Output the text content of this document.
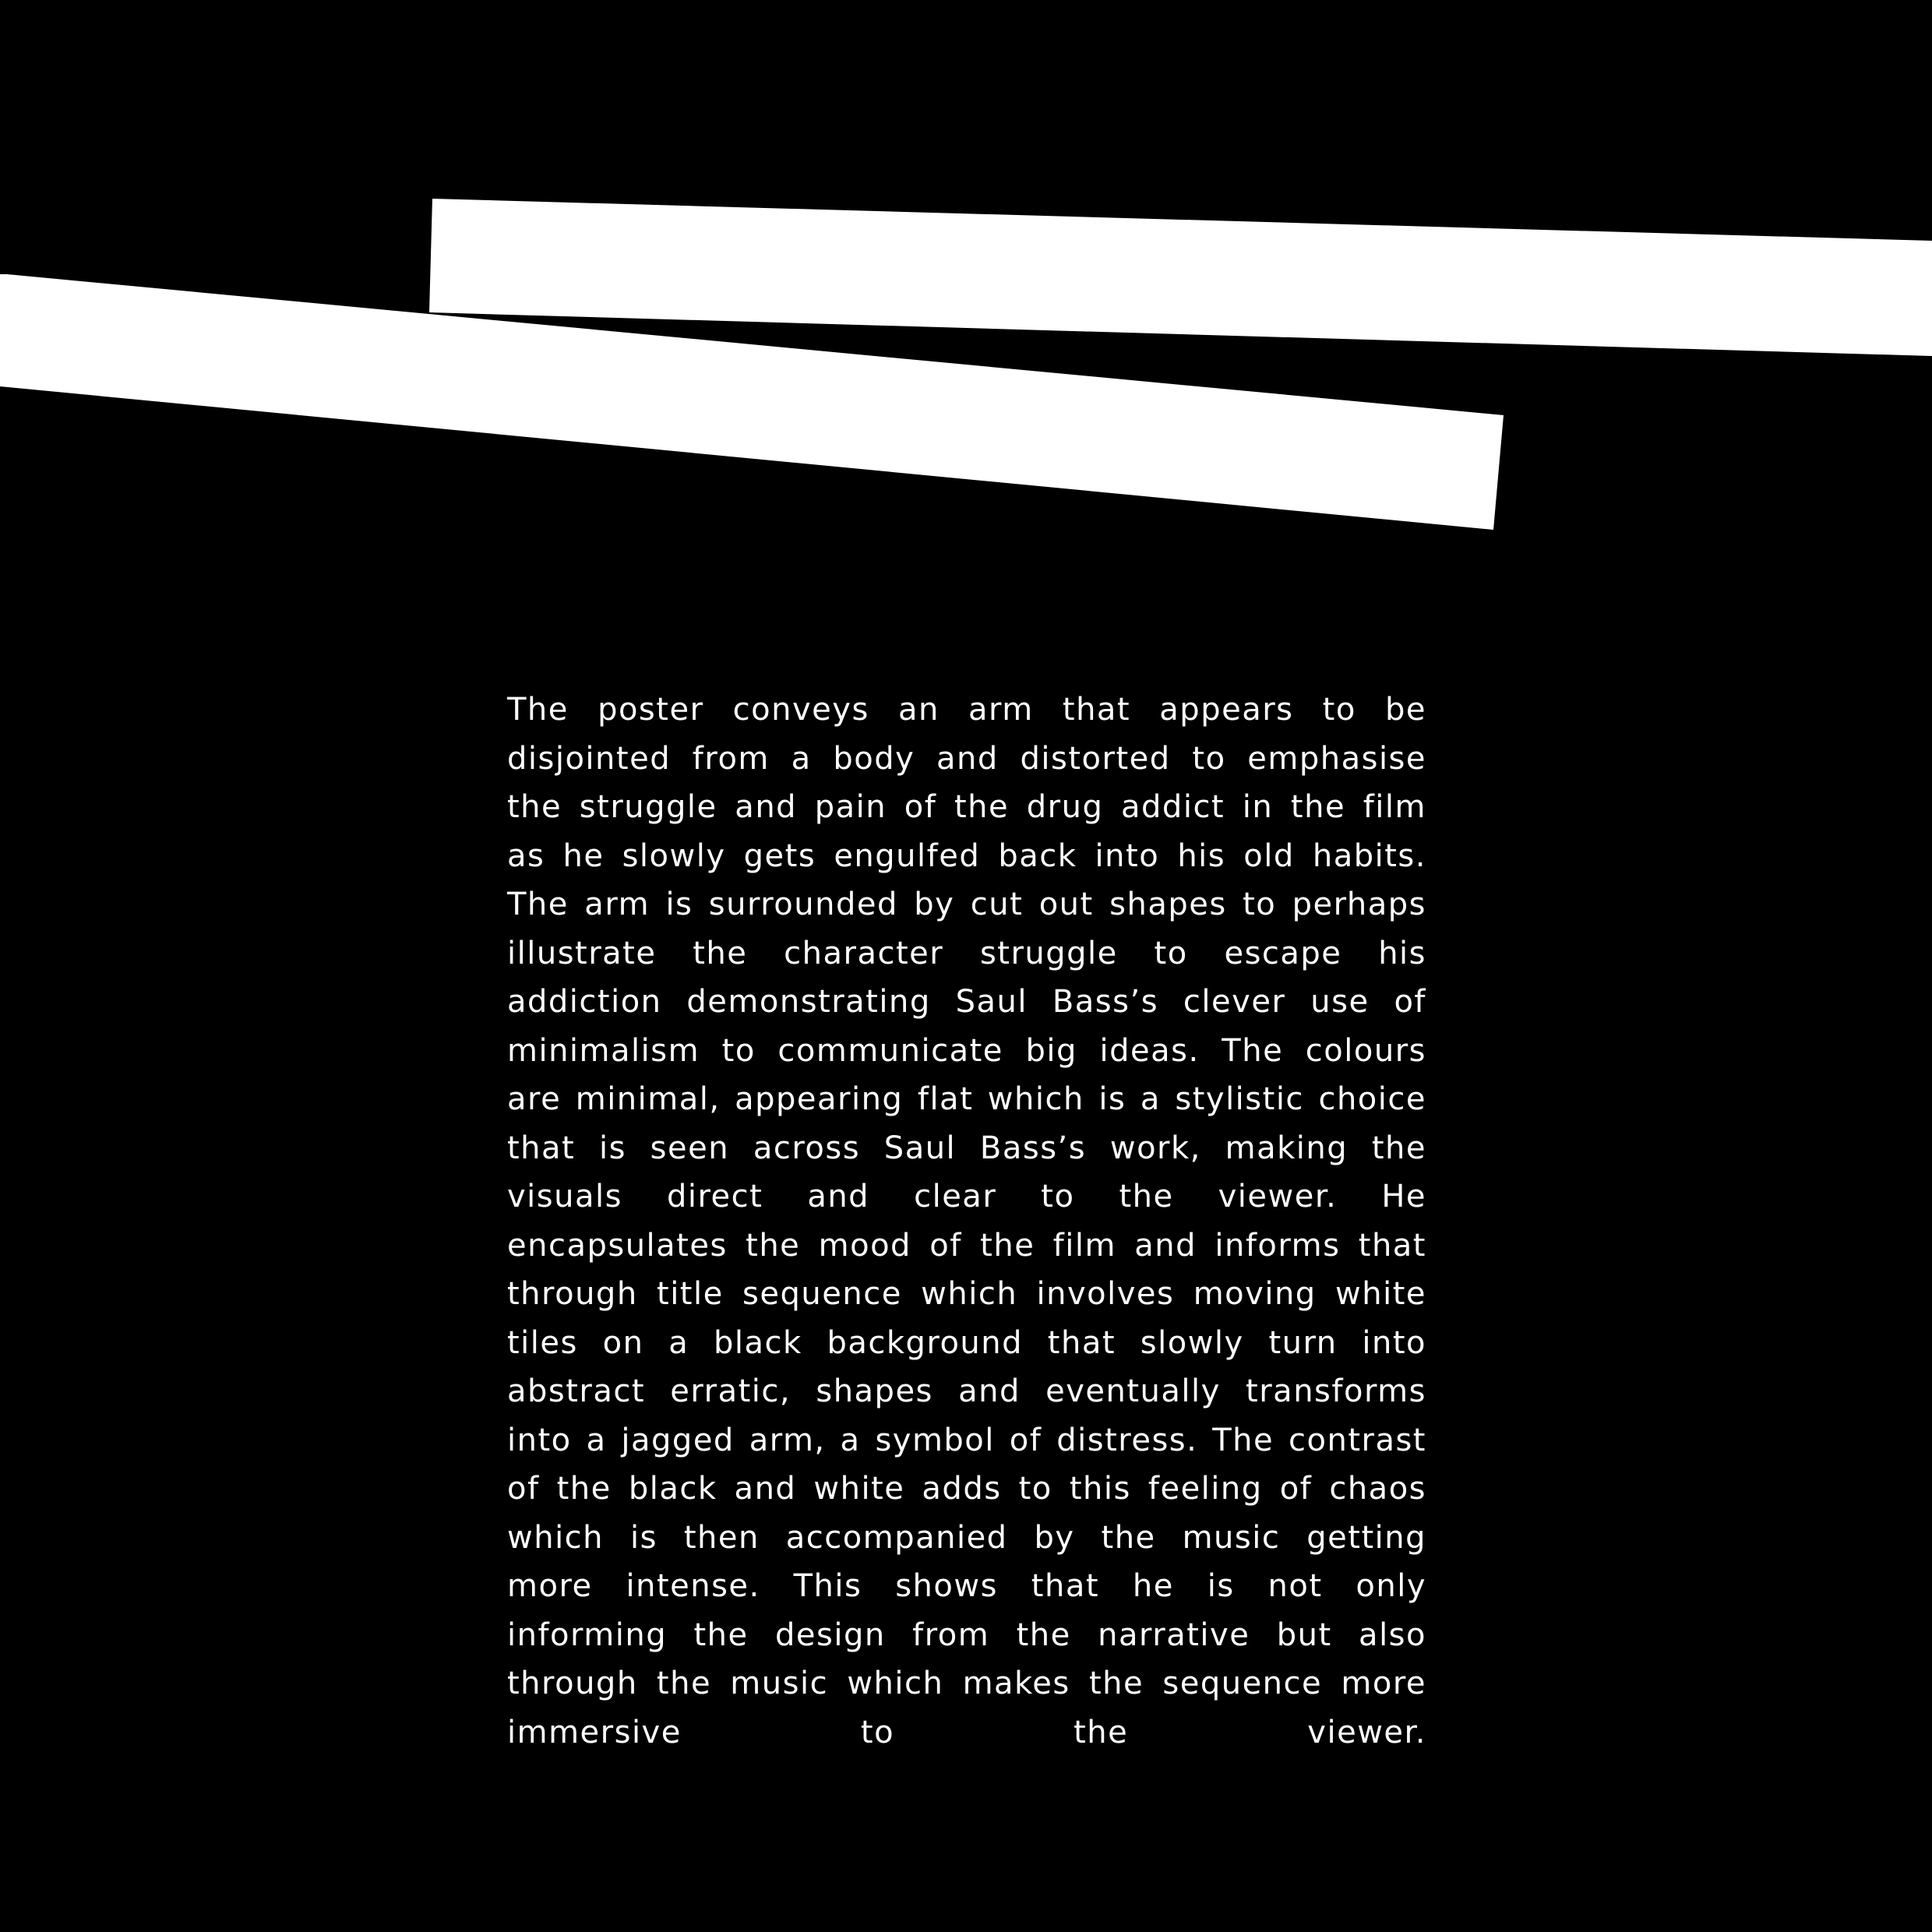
The poster conveys an arm that appears to be disjointed from a body and distorted to emphasise the struggle and pain of the drug addict in the film as he slowly gets engulfed back into his old habits. The arm is surrounded by cut out shapes to perhaps illustrate the character struggle to escape his addiction demonstrating Saul Bass’s clever use of minimalism to communicate big ideas. The colours are minimal, appearing flat which is a stylistic choice that is seen across Saul Bass’s work, making the visuals direct and clear to the viewer. He encapsulates the mood of the film and informs that through title sequence which involves moving white tiles on a black background that slowly turn into abstract erratic, shapes and eventually transforms into a jagged arm, a symbol of distress. The contrast of the black and white adds to this feeling of chaos which is then accompanied by the music getting more intense. This shows that he is not only informing the design from the narrative but also through the music which makes the sequence more immersive to the viewer.
